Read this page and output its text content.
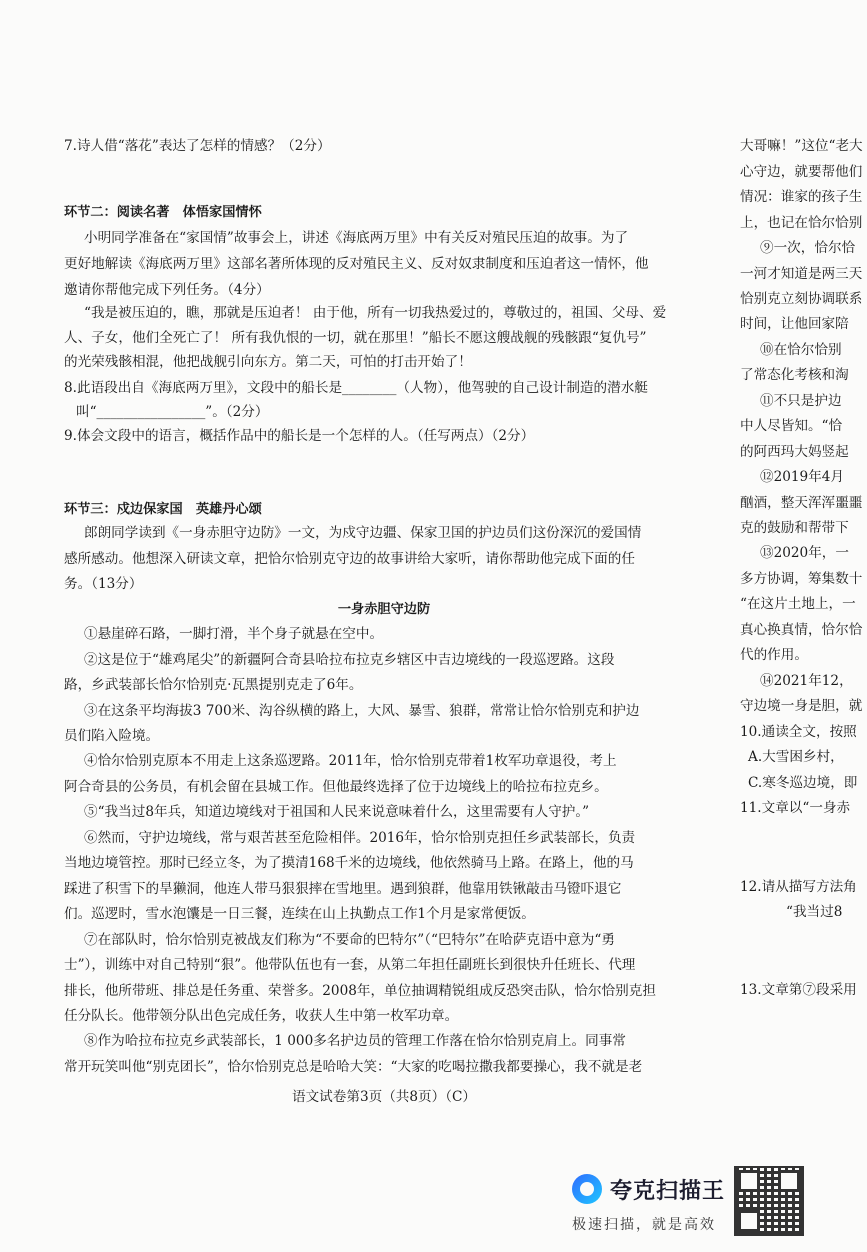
7.诗人借“落花”表达了怎样的情感？（2分）
环节二：阅读名著　体悟家国情怀
小明同学准备在“家国情”故事会上，讲述《海底两万里》中有关反对殖民压迫的故事。为了
更好地解读《海底两万里》这部名著所体现的反对殖民主义、反对奴隶制度和压迫者这一情怀，他
邀请你帮他完成下列任务。（4分）
“我是被压迫的，瞧，那就是压迫者！ 由于他，所有一切我热爱过的，尊敬过的，祖国、父母、爱
人、子女，他们全死亡了！ 所有我仇恨的一切，就在那里！”船长不愿这艘战舰的残骸跟“复仇号”
的光荣残骸相混，他把战舰引向东方。第二天，可怕的打击开始了！
8.此语段出自《海底两万里》，文段中的船长是________（人物），他驾驶的自己设计制造的潜水艇
叫“________________”。（2分）
9.体会文段中的语言，概括作品中的船长是一个怎样的人。（任写两点）（2分）
环节三：戍边保家国　英雄丹心颂
郎朗同学读到《一身赤胆守边防》一文，为戍守边疆、保家卫国的护边员们这份深沉的爱国情
感所感动。他想深入研读文章，把恰尔恰别克守边的故事讲给大家听，请你帮助他完成下面的任
务。（13分）
一身赤胆守边防
①悬崖碎石路，一脚打滑，半个身子就悬在空中。
②这是位于“雄鸡尾尖”的新疆阿合奇县哈拉布拉克乡辖区中吉边境线的一段巡逻路。这段
路，乡武装部长恰尔恰别克·瓦黑提别克走了6年。
③在这条平均海拔3 700米、沟谷纵横的路上，大风、暴雪、狼群，常常让恰尔恰别克和护边
员们陷入险境。
④恰尔恰别克原本不用走上这条巡逻路。2011年，恰尔恰别克带着1枚军功章退役，考上
阿合奇县的公务员，有机会留在县城工作。但他最终选择了位于边境线上的哈拉布拉克乡。
⑤“我当过8年兵，知道边境线对于祖国和人民来说意味着什么，这里需要有人守护。”
⑥然而，守护边境线，常与艰苦甚至危险相伴。2016年，恰尔恰别克担任乡武装部长，负责
当地边境管控。那时已经立冬，为了摸清168千米的边境线，他依然骑马上路。在路上，他的马
踩进了积雪下的旱獭洞，他连人带马狠狠摔在雪地里。遇到狼群，他靠用铁锹敲击马镫吓退它
们。巡逻时，雪水泡馕是一日三餐，连续在山上执勤点工作1个月是家常便饭。
⑦在部队时，恰尔恰别克被战友们称为“不要命的巴特尔”（“巴特尔”在哈萨克语中意为“勇
士”），训练中对自己特别“狠”。他带队伍也有一套，从第二年担任副班长到很快升任班长、代理
排长，他所带班、排总是任务重、荣誉多。2008年，单位抽调精锐组成反恐突击队，恰尔恰别克担
任分队长。他带领分队出色完成任务，收获人生中第一枚军功章。
⑧作为哈拉布拉克乡武装部长，1 000多名护边员的管理工作落在恰尔恰别克肩上。同事常
常开玩笑叫他“别克团长”，恰尔恰别克总是哈哈大笑：“大家的吃喝拉撒我都要操心，我不就是老
语文试卷第3页（共8页）（C）
大哥嘛！”这位“老大
心守边，就要帮他们
情况：谁家的孩子生
上，也记在恰尔恰别
⑨一次，恰尔恰
一河才知道是两三天
恰别克立刻协调联系
时间，让他回家陪
⑩在恰尔恰别
了常态化考核和淘
⑪不只是护边
中人尽皆知。“恰
的阿西玛大妈竖起
⑫2019年4月
酗酒，整天浑浑噩噩
克的鼓励和帮带下
⑬2020年，一
多方协调，筹集数十
“在这片土地上，一
真心换真情，恰尔恰
代的作用。
⑭2021年12，
守边境一身是胆，就
10.通读全文，按照
A.大雪困乡村，
C.寒冬巡边境，即
11.文章以“一身赤
12.请从描写方法角
“我当过8
13.文章第⑦段采用
夸克扫描王
极速扫描，就是高效
